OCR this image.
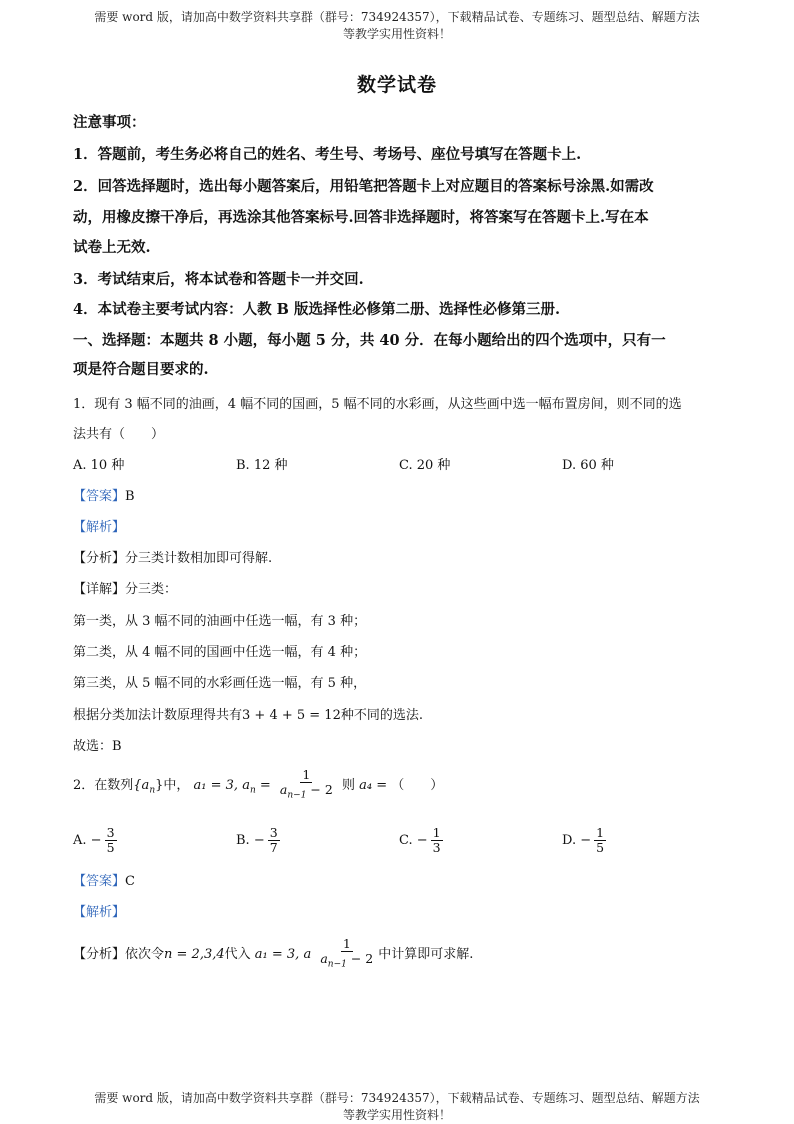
需要 word 版，请加高中数学资料共享群（群号：734924357），下载精品试卷、专题练习、题型总结、解题方法
等教学实用性资料！
数学试卷
注意事项：
1．答题前，考生务必将自己的姓名、考生号、考场号、座位号填写在答题卡上.
2．回答选择题时，选出每小题答案后，用铅笔把答题卡上对应题目的答案标号涂黑.如需改
动，用橡皮擦干净后，再选涂其他答案标号.回答非选择题时，将答案写在答题卡上.写在本
试卷上无效.
3．考试结束后，将本试卷和答题卡一并交回.
4．本试卷主要考试内容：人教 B 版选择性必修第二册、选择性必修第三册.
一、选择题：本题共 8 小题，每小题 5 分，共 40 分．在每小题给出的四个选项中，只有一
项是符合题目要求的.
1．现有 3 幅不同的油画，4 幅不同的国画，5 幅不同的水彩画，从这些画中选一幅布置房间，则不同的选
法共有（　　）
A. 10 种	B. 12 种	C. 20 种	D. 60 种
【答案】B
【解析】
【分析】分三类计数相加即可得解.
【详解】分三类：
第一类，从 3 幅不同的油画中任选一幅，有 3 种；
第二类，从 4 幅不同的国画中任选一幅，有 4 种；
第三类，从 5 幅不同的水彩画任选一幅，有 5 种，
根据分类加法计数原理得共有3 + 4 + 5 = 12种不同的选法.
故选：B
2．在数列$\{a_n\}$中， a₁ = 3, $a_n = \frac{1}{a_{n-1} - 2}$ 则 a₄ = （　　）
A. − $\frac{3}{5}$	B. − $\frac{3}{7}$	C. − $\frac{1}{3}$	D. − $\frac{1}{5}$
【答案】C
【解析】
【分析】依次令n = 2,3,4代入 a₁ = 3, a $\frac{1}{a_{n-1} - 2}$ 中计算即可求解.
需要 word 版，请加高中数学资料共享群（群号：734924357），下载精品试卷、专题练习、题型总结、解题方法
等教学实用性资料！
